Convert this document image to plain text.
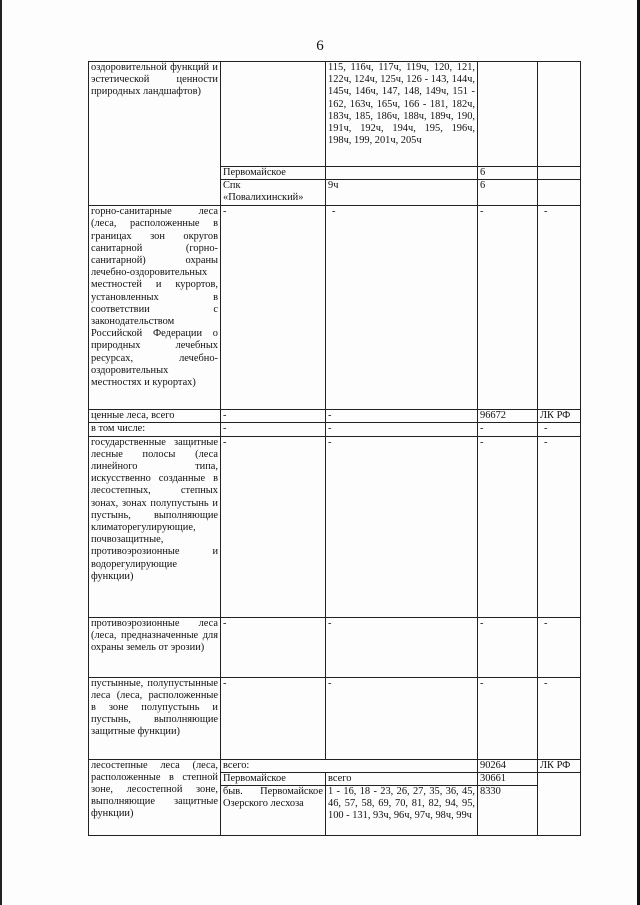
6
оздоровительной функций и эстетической ценности природных ландшафтов)		115, 116ч, 117ч, 119ч, 120, 121, 122ч, 124ч, 125ч, 126 - 143, 144ч, 145ч, 146ч, 147, 148, 149ч, 151 - 162, 163ч, 165ч, 166 - 181, 182ч, 183ч, 185, 186ч, 188ч, 189ч, 190, 191ч, 192ч, 194ч, 195, 196ч, 198ч, 199, 201ч, 205ч		
	Первомайское		6	
	Спк «Повалихинский»	9ч	6	
горно-санитарные леса (леса, расположенные в границах зон округов санитарной (горно-санитарной) охраны лечебно-оздоровительных местностей и курортов, установленных в соответствии с законодательством Российской Федерации о природных лечебных ресурсах, лечебно-оздоровительных местностях и курортах)	-	-	-	-
ценные леса, всего	-	-	96672	ЛК РФ
в том числе:	-	-	-	-
государственные защитные лесные полосы (леса линейного типа, искусственно созданные в лесостепных, степных зонах, зонах полупустынь и пустынь, выполняющие климаторегулирующие, почвозащитные, противоэрозионные и водорегулирующие функции)	-	-	-	-
противоэрозионные леса (леса, предназначенные для охраны земель от эрозии)	-	-	-	-
пустынные, полупустынные леса (леса, расположенные в зоне полупустынь и пустынь, выполняющие защитные функции)	-	-	-	-
лесостепные леса (леса, расположенные в степной зоне, лесостепной зоне, выполняющие защитные функции)	всего:		90264	ЛК РФ
	Первомайское	всего	30661	
	быв. Первомайское Озерского лесхоза	1 - 16, 18 - 23, 26, 27, 35, 36, 45, 46, 57, 58, 69, 70, 81, 82, 94, 95, 100 - 131, 93ч, 96ч, 97ч, 98ч, 99ч	8330	
